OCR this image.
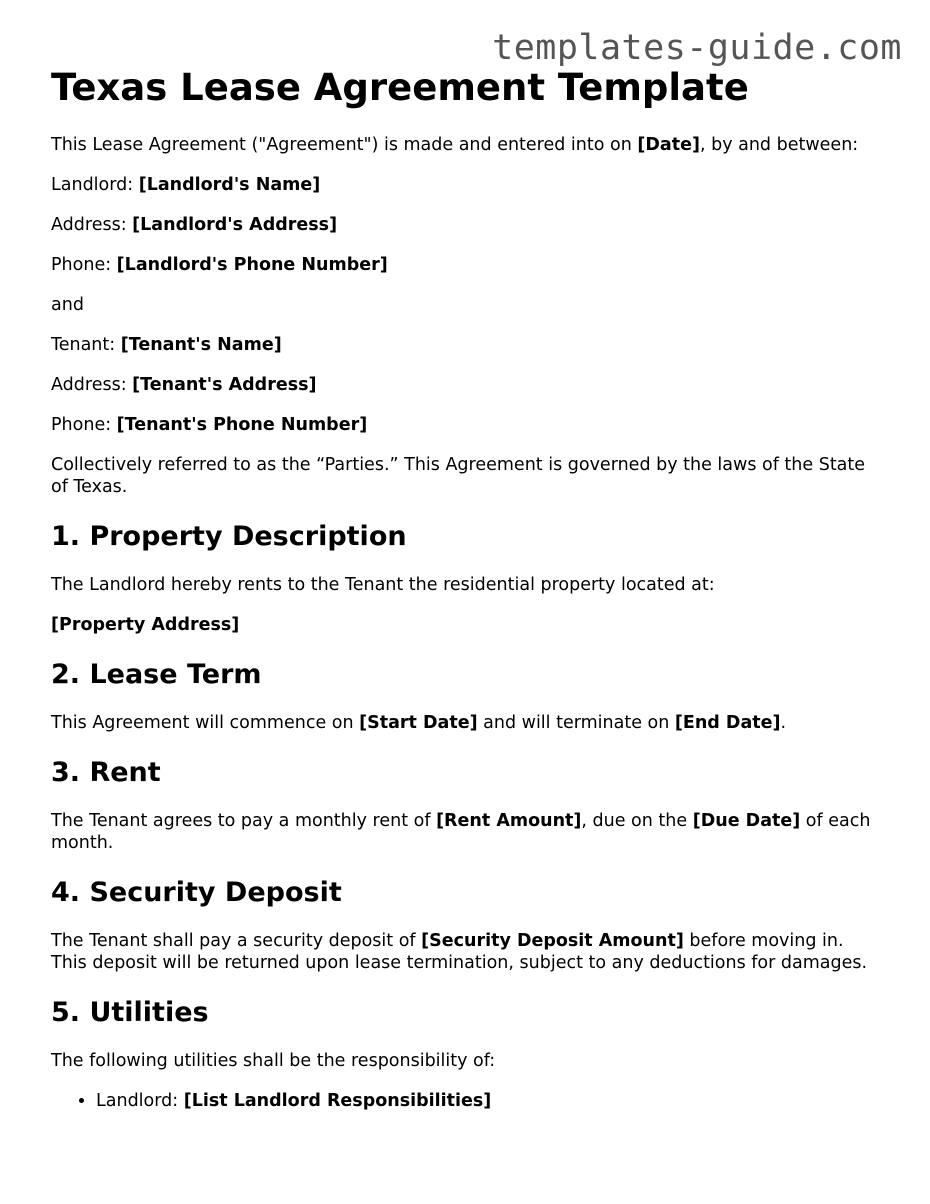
templates-guide.com
Texas Lease Agreement Template

This Lease Agreement ("Agreement") is made and entered into on [Date], by and between:

Landlord: [Landlord's Name]

Address: [Landlord's Address]

Phone: [Landlord's Phone Number]

and

Tenant: [Tenant's Name]

Address: [Tenant's Address]

Phone: [Tenant's Phone Number]

Collectively referred to as the “Parties.” This Agreement is governed by the laws of the State of Texas.

1. Property Description

The Landlord hereby rents to the Tenant the residential property located at:

[Property Address]

2. Lease Term

This Agreement will commence on [Start Date] and will terminate on [End Date].

3. Rent

The Tenant agrees to pay a monthly rent of [Rent Amount], due on the [Due Date] of each month.

4. Security Deposit

The Tenant shall pay a security deposit of [Security Deposit Amount] before moving in. This deposit will be returned upon lease termination, subject to any deductions for damages.

5. Utilities

The following utilities shall be the responsibility of:

• Landlord: [List Landlord Responsibilities]
